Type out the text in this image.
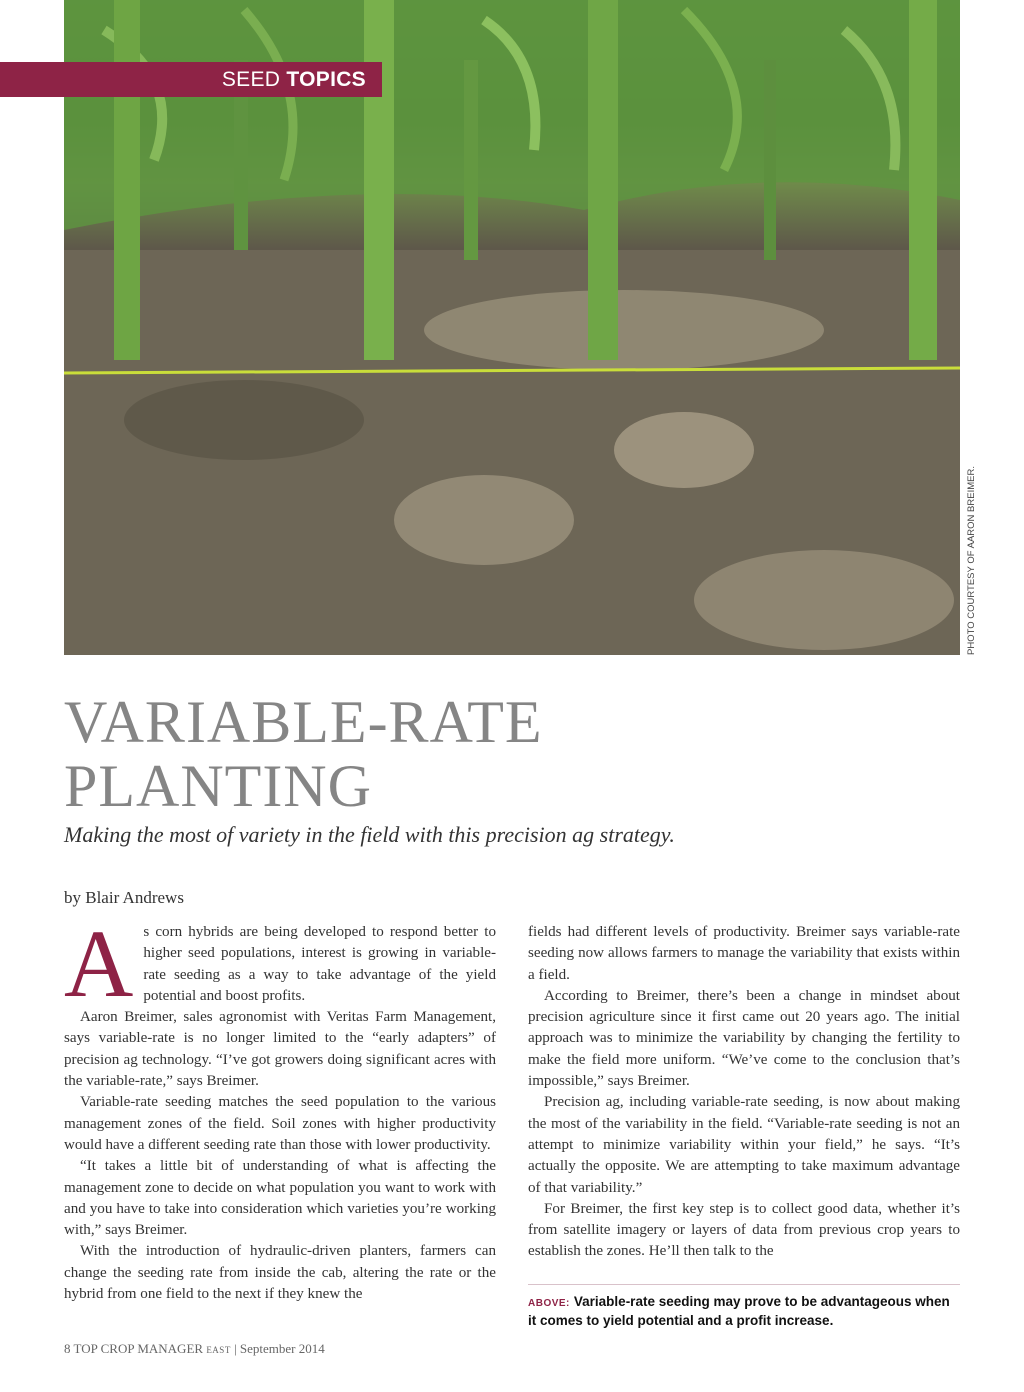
SEED TOPICS
PHOTO COURTESY OF AARON BREIMER.
VARIABLE-RATE
PLANTING

Making the most of variety in the field with this precision ag strategy.

by Blair Andrews

As corn hybrids are being developed to respond better to higher seed populations, interest is growing in variable-rate seeding as a way to take advantage of the yield potential and boost profits.

Aaron Breimer, sales agronomist with Veritas Farm Management, says variable-rate is no longer limited to the “early adapters” of precision ag technology. “I’ve got growers doing significant acres with the variable-rate,” says Breimer.

Variable-rate seeding matches the seed population to the various management zones of the field. Soil zones with higher productivity would have a different seeding rate than those with lower productivity.

“It takes a little bit of understanding of what is affecting the management zone to decide on what population you want to work with and you have to take into consideration which varieties you’re working with,” says Breimer.

With the introduction of hydraulic-driven planters, farmers can change the seeding rate from inside the cab, altering the rate or the hybrid from one field to the next if they knew the

fields had different levels of productivity. Breimer says variable-rate seeding now allows farmers to manage the variability that exists within a field.

According to Breimer, there’s been a change in mindset about precision agriculture since it first came out 20 years ago. The initial approach was to minimize the variability by changing the fertility to make the field more uniform. “We’ve come to the conclusion that’s impossible,” says Breimer.

Precision ag, including variable-rate seeding, is now about making the most of the variability in the field. “Variable-rate seeding is not an attempt to minimize variability within your field,” he says. “It’s actually the opposite. We are attempting to take maximum advantage of that variability.”

For Breimer, the first key step is to collect good data, whether it’s from satellite imagery or layers of data from previous crop years to establish the zones. He’ll then talk to the

ABOVE: Variable-rate seeding may prove to be advantageous when it comes to yield potential and a profit increase.
8 TOP CROP MANAGER EAST | September 2014
